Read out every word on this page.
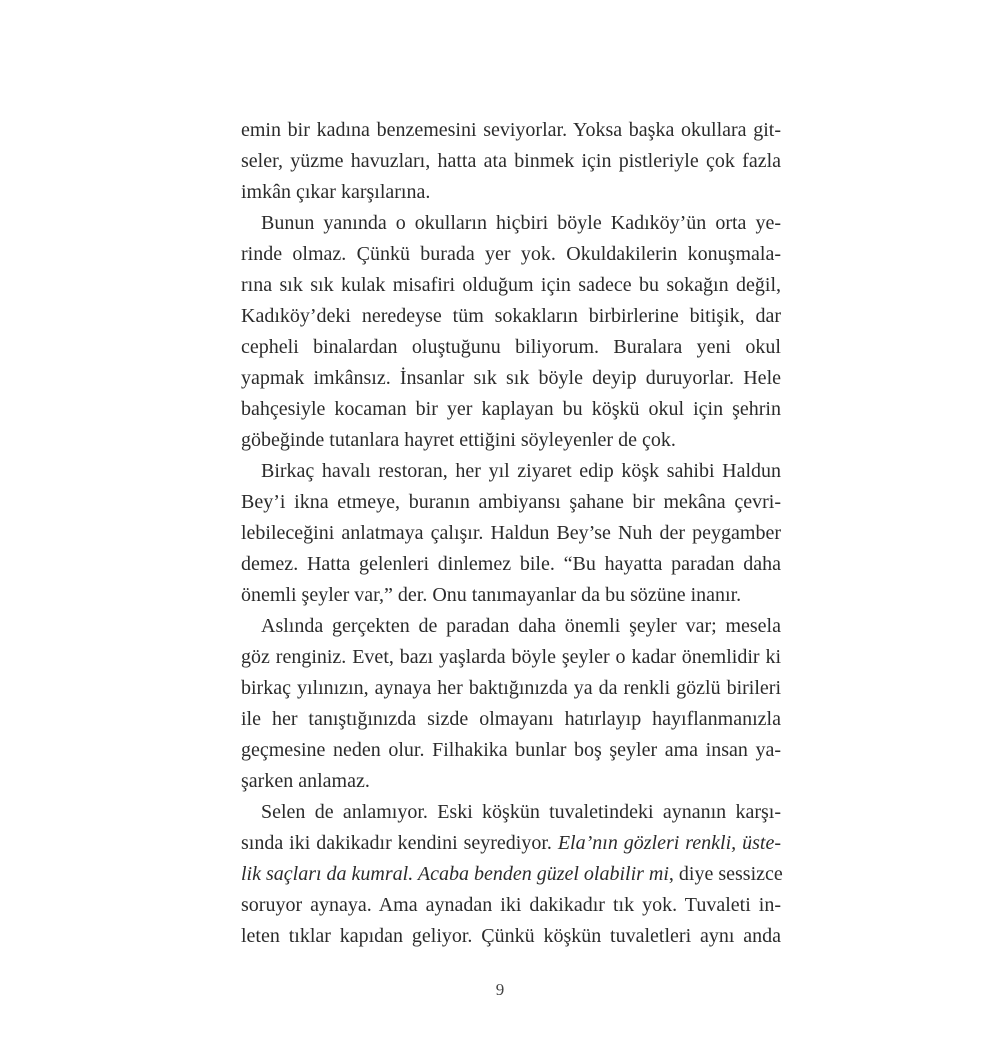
emin bir kadına benzemesini seviyorlar. Yoksa başka okullara git-
seler, yüzme havuzları, hatta ata binmek için pistleriyle çok fazla
imkân çıkar karşılarına.
Bunun yanında o okulların hiçbiri böyle Kadıköy’ün orta ye-
rinde olmaz. Çünkü burada yer yok. Okuldakilerin konuşmala-
rına sık sık kulak misafiri olduğum için sadece bu sokağın değil,
Kadıköy’deki neredeyse tüm sokakların birbirlerine bitişik, dar
cepheli binalardan oluştuğunu biliyorum. Buralara yeni okul
yapmak imkânsız. İnsanlar sık sık böyle deyip duruyorlar. Hele
bahçesiyle kocaman bir yer kaplayan bu köşkü okul için şehrin
göbeğinde tutanlara hayret ettiğini söyleyenler de çok.
Birkaç havalı restoran, her yıl ziyaret edip köşk sahibi Haldun
Bey’i ikna etmeye, buranın ambiyansı şahane bir mekâna çevri-
lebileceğini anlatmaya çalışır. Haldun Bey’se Nuh der peygamber
demez. Hatta gelenleri dinlemez bile. “Bu hayatta paradan daha
önemli şeyler var,” der. Onu tanımayanlar da bu sözüne inanır.
Aslında gerçekten de paradan daha önemli şeyler var; mesela
göz renginiz. Evet, bazı yaşlarda böyle şeyler o kadar önemlidir ki
birkaç yılınızın, aynaya her baktığınızda ya da renkli gözlü birileri
ile her tanıştığınızda sizde olmayanı hatırlayıp hayıflanmanızla
geçmesine neden olur. Filhakika bunlar boş şeyler ama insan ya-
şarken anlamaz.
Selen de anlamıyor. Eski köşkün tuvaletindeki aynanın karşı-
sında iki dakikadır kendini seyrediyor. Ela’nın gözleri renkli, üste-
lik saçları da kumral. Acaba benden güzel olabilir mi, diye sessizce
soruyor aynaya. Ama aynadan iki dakikadır tık yok. Tuvaleti in-
leten tıklar kapıdan geliyor. Çünkü köşkün tuvaletleri aynı anda
9
